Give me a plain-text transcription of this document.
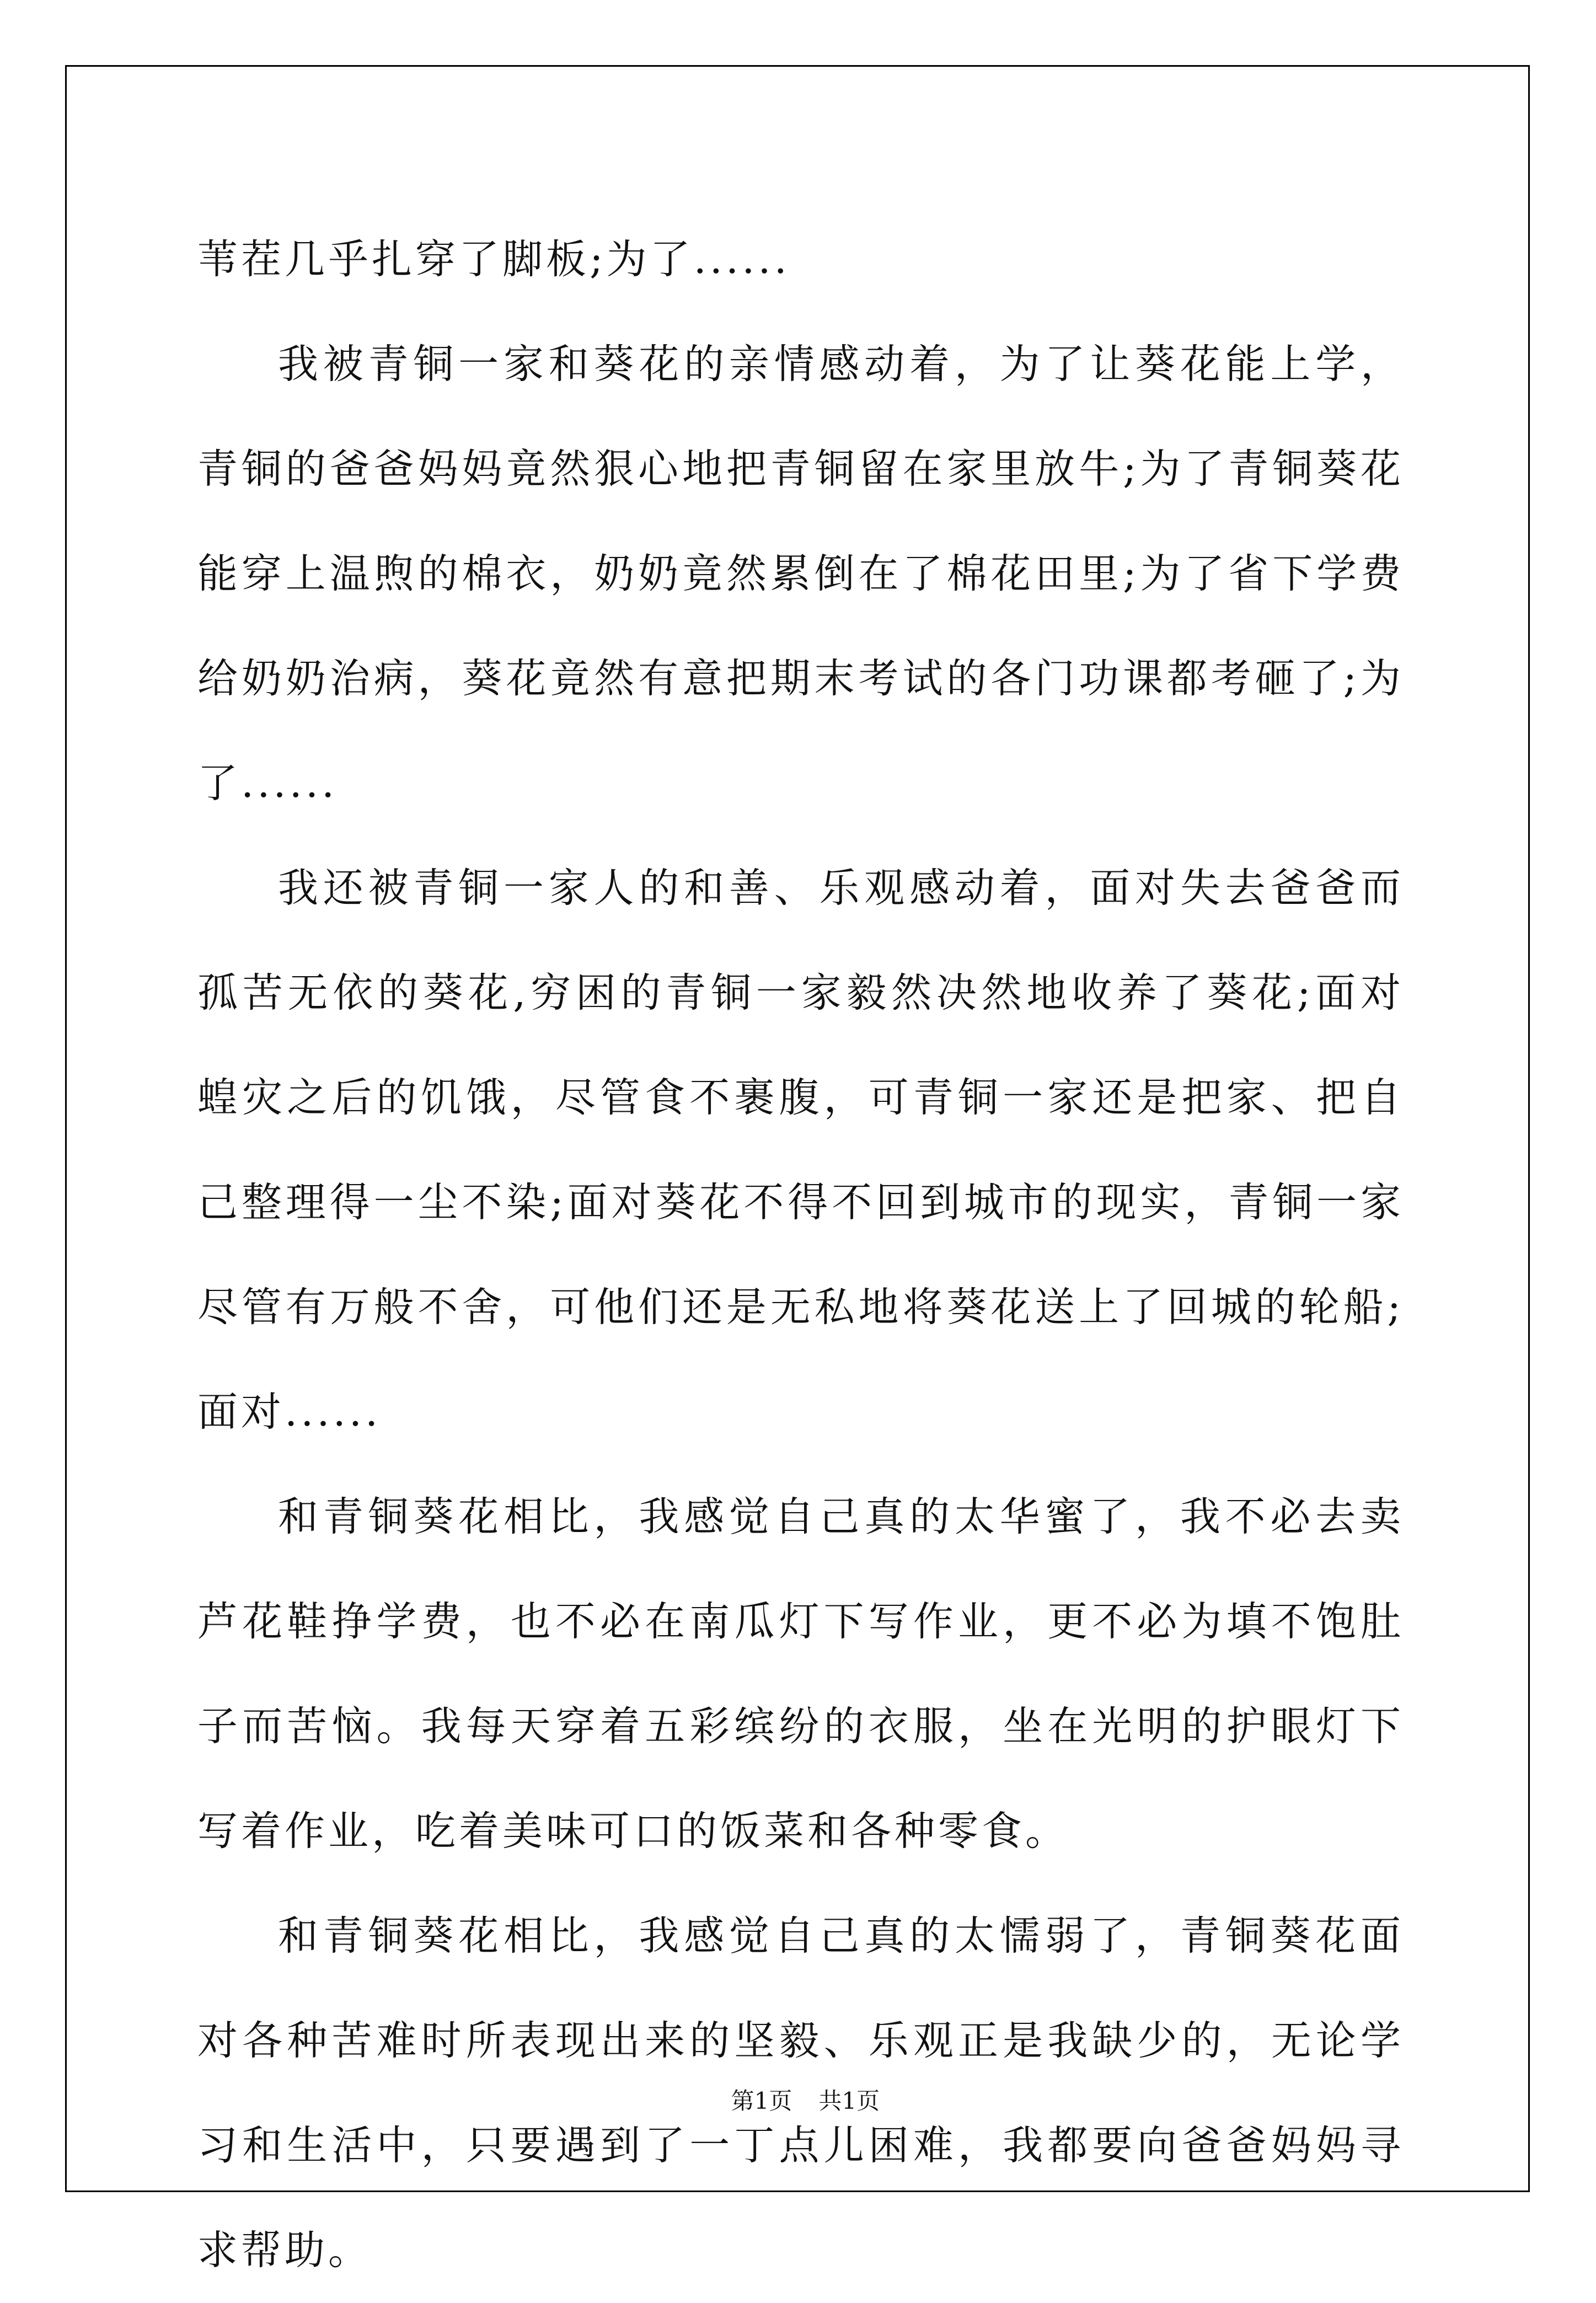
苇茬几乎扎穿了脚板;为了......

我被青铜一家和葵花的亲情感动着，为了让葵花能上学，青铜的爸爸妈妈竟然狠心地把青铜留在家里放牛;为了青铜葵花能穿上温煦的棉衣，奶奶竟然累倒在了棉花田里;为了省下学费给奶奶治病，葵花竟然有意把期末考试的各门功课都考砸了;为了......

我还被青铜一家人的和善、乐观感动着，面对失去爸爸而孤苦无依的葵花,穷困的青铜一家毅然决然地收养了葵花;面对蝗灾之后的饥饿，尽管食不裹腹，可青铜一家还是把家、把自己整理得一尘不染;面对葵花不得不回到城市的现实，青铜一家尽管有万般不舍，可他们还是无私地将葵花送上了回城的轮船;面对......

和青铜葵花相比，我感觉自己真的太华蜜了，我不必去卖芦花鞋挣学费，也不必在南瓜灯下写作业，更不必为填不饱肚子而苦恼。我每天穿着五彩缤纷的衣服，坐在光明的护眼灯下写着作业，吃着美味可口的饭菜和各种零食。

和青铜葵花相比，我感觉自己真的太懦弱了，青铜葵花面对各种苦难时所表现出来的坚毅、乐观正是我缺少的，无论学习和生活中，只要遇到了一丁点儿困难，我都要向爸爸妈妈寻求帮助。

第1页 共1页
